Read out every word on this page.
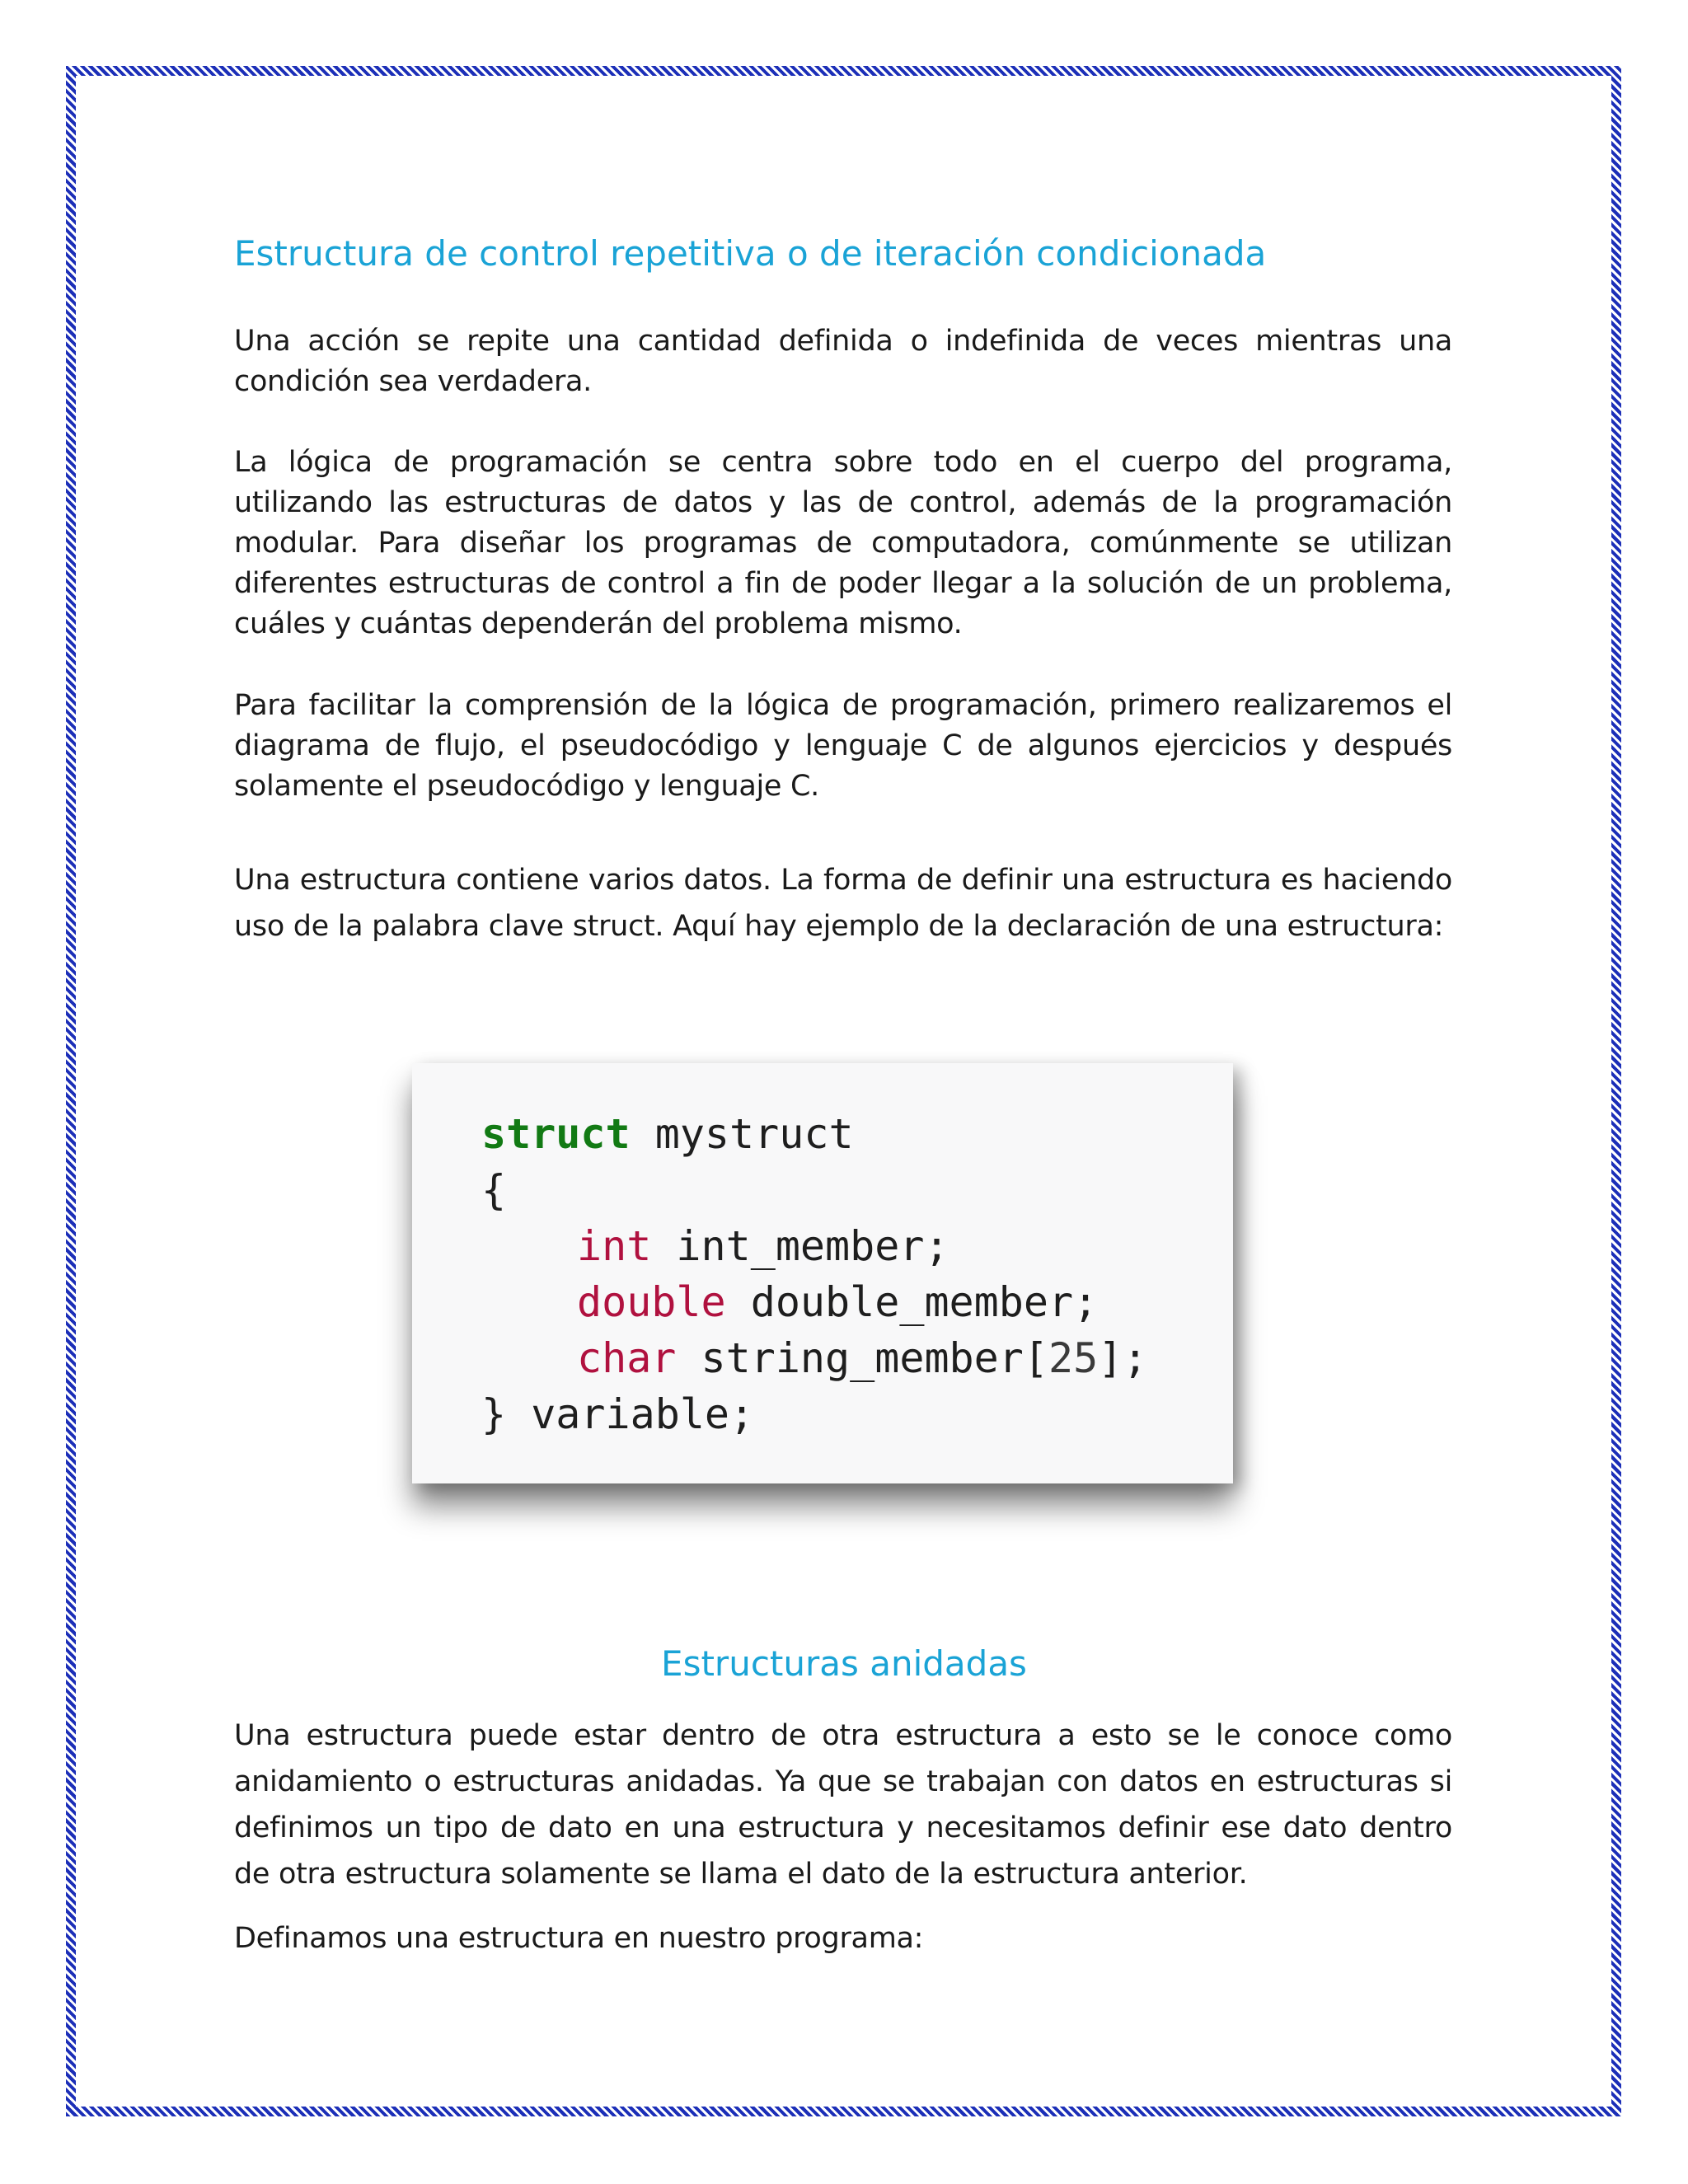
Estructura de control repetitiva o de iteración condicionada

Una acción se repite una cantidad definida o indefinida de veces mientras una condición sea verdadera.

La lógica de programación se centra sobre todo en el cuerpo del programa, utilizando las estructuras de datos y las de control, además de la programación modular. Para diseñar los programas de computadora, comúnmente se utilizan diferentes estructuras de control a fin de poder llegar a la solución de un problema, cuáles y cuántas dependerán del problema mismo.

Para facilitar la comprensión de la lógica de programación, primero realizaremos el diagrama de flujo, el pseudocódigo y lenguaje C de algunos ejercicios y después solamente el pseudocódigo y lenguaje C.

Una estructura contiene varios datos. La forma de definir una estructura es haciendo uso de la palabra clave struct. Aquí hay ejemplo de la declaración de una estructura:

struct mystruct
{
int int_member;
double double_member;
char string_member[25];
} variable;
Estructuras anidadas

Una estructura puede estar dentro de otra estructura a esto se le conoce como anidamiento o estructuras anidadas. Ya que se trabajan con datos en estructuras si definimos un tipo de dato en una estructura y necesitamos definir ese dato dentro de otra estructura solamente se llama el dato de la estructura anterior.

Definamos una estructura en nuestro programa:
